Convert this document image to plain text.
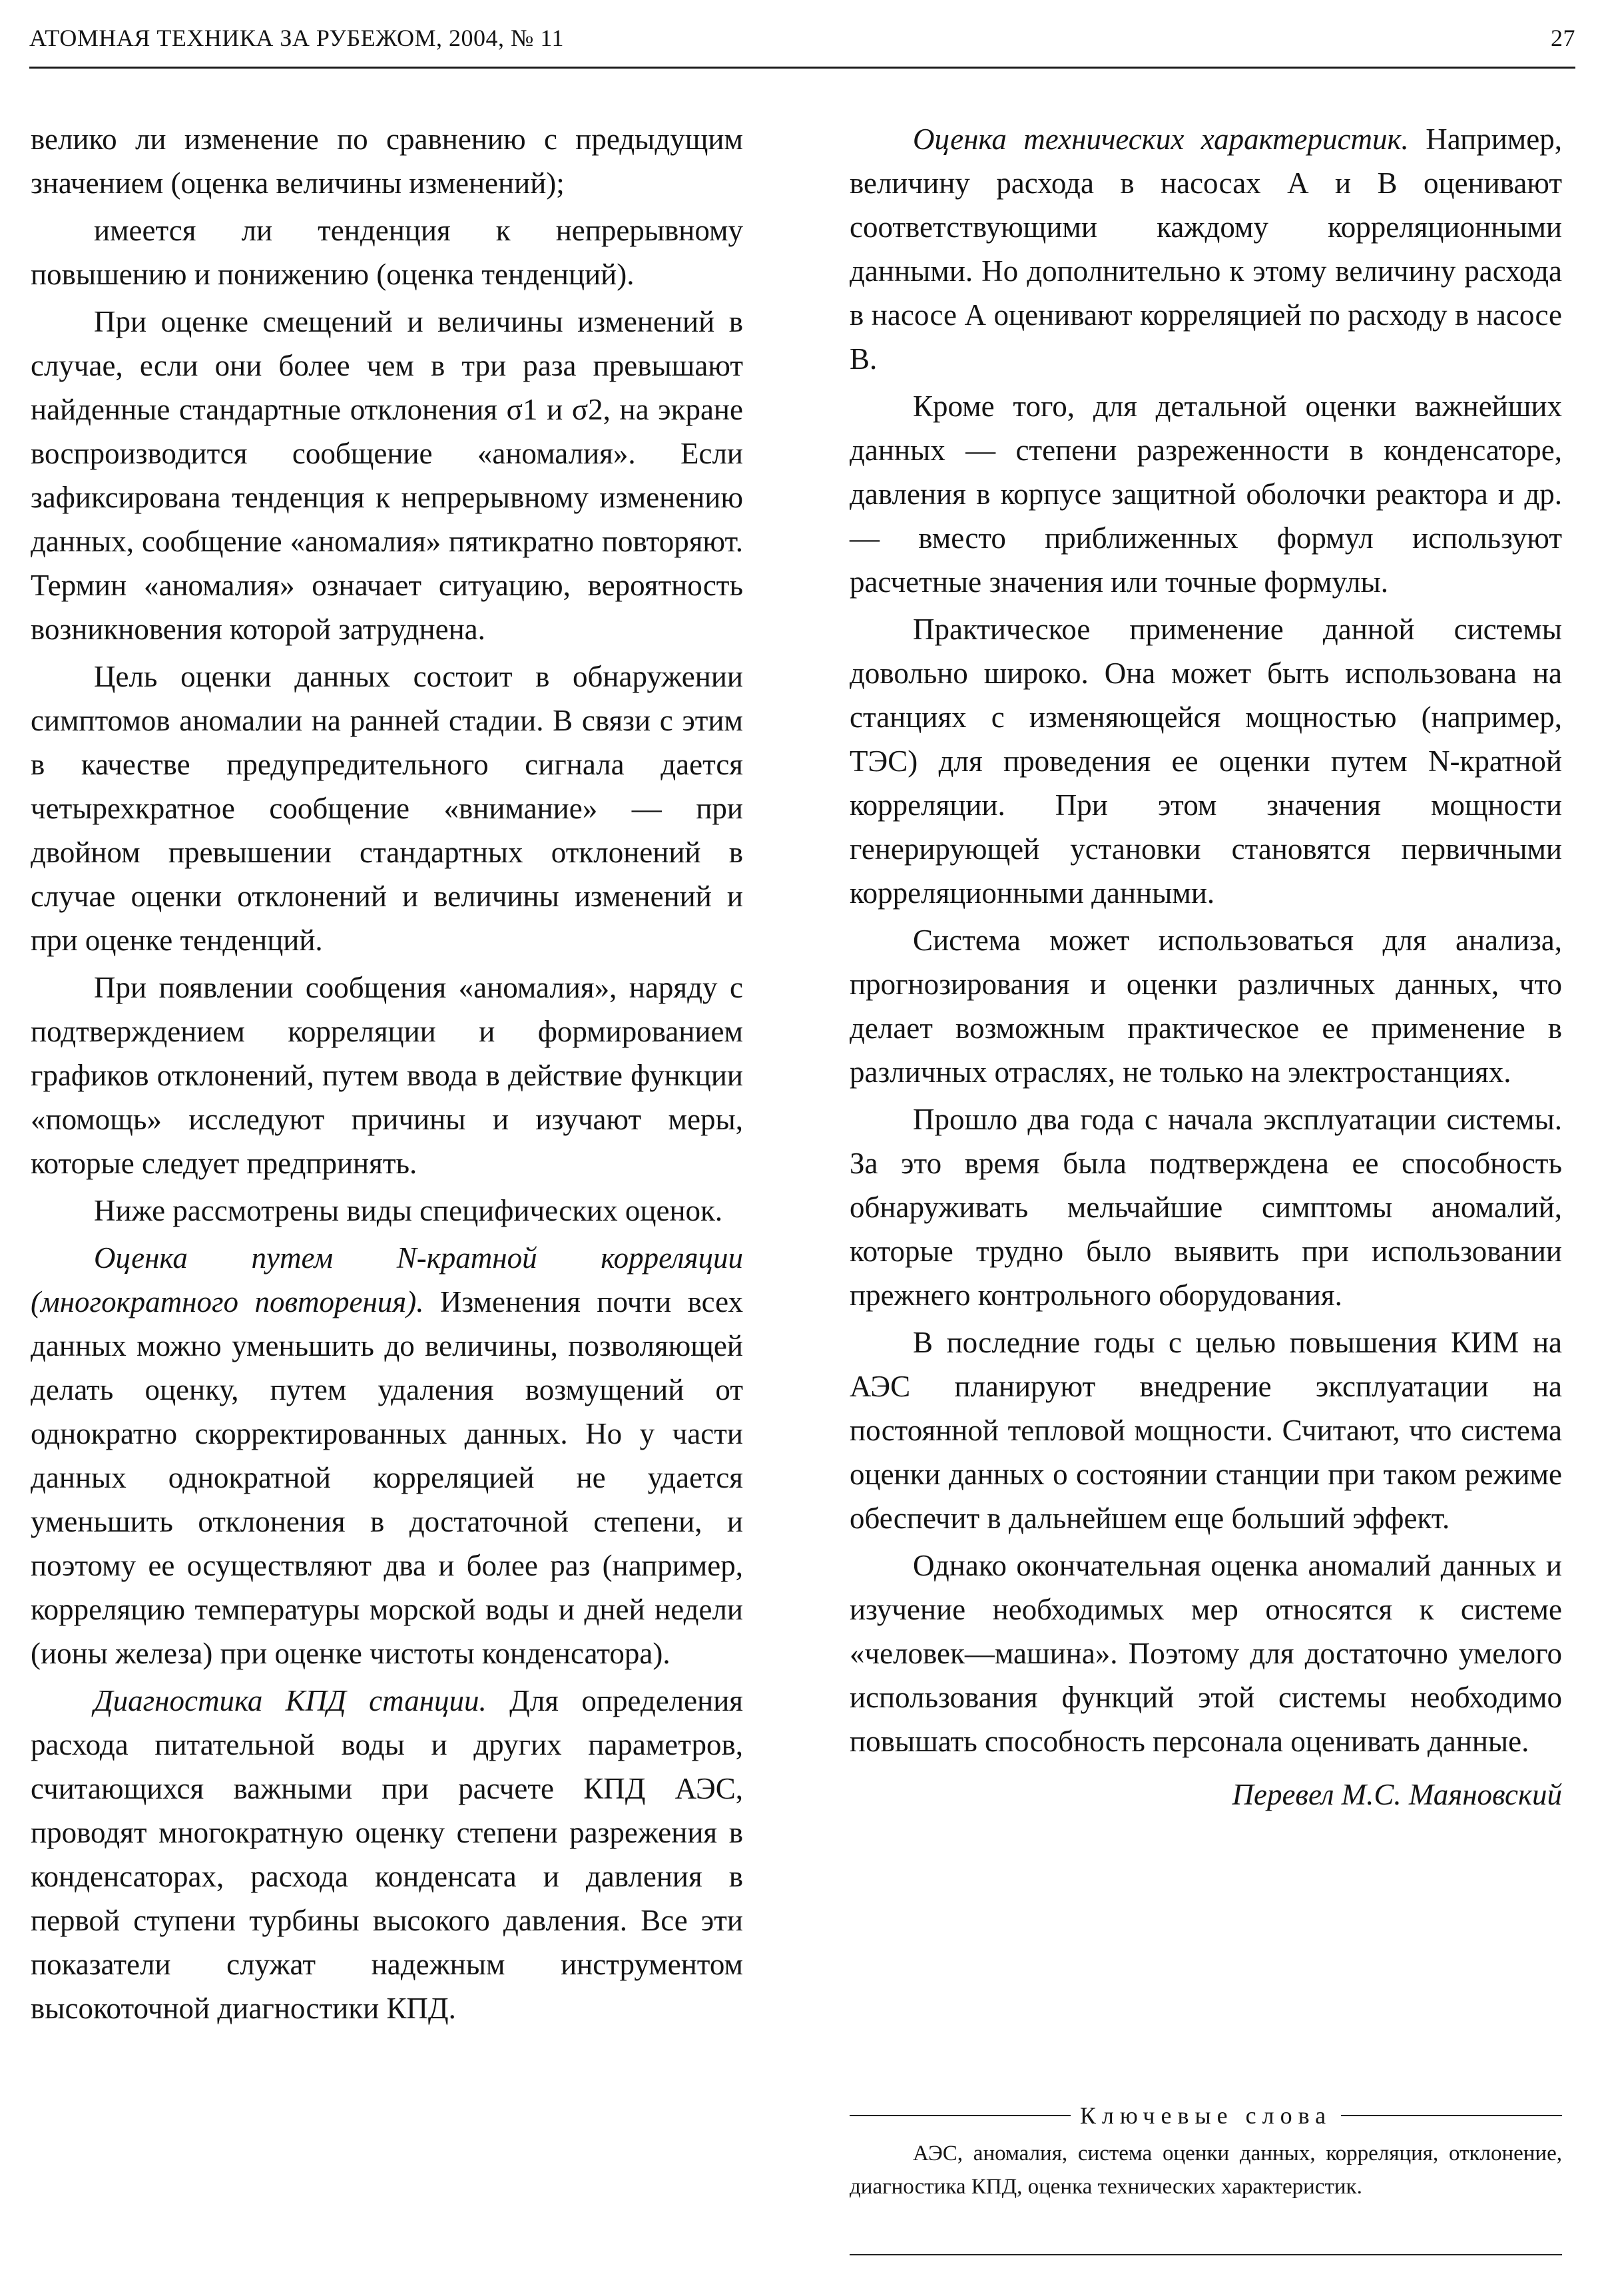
АТОМНАЯ ТЕХНИКА ЗА РУБЕЖОМ, 2004, № 11	27

велико ли изменение по сравнению с предыдущим значением (оценка величины изменений);

имеется ли тенденция к непрерывному повышению и понижению (оценка тенденций).

При оценке смещений и величины изменений в случае, если они более чем в три раза превышают найденные стандартные отклонения σ1 и σ2, на экране воспроизводится сообщение «аномалия». Если зафиксирована тенденция к непрерывному изменению данных, сообщение «аномалия» пятикратно повторяют. Термин «аномалия» означает ситуацию, вероятность возникновения которой затруднена.

Цель оценки данных состоит в обнаружении симптомов аномалии на ранней стадии. В связи с этим в качестве предупредительного сигнала дается четырехкратное сообщение «внимание» — при двойном превышении стандартных отклонений в случае оценки отклонений и величины изменений и при оценке тенденций.

При появлении сообщения «аномалия», наряду с подтверждением корреляции и формированием графиков отклонений, путем ввода в действие функции «помощь» исследуют причины и изучают меры, которые следует предпринять.

Ниже рассмотрены виды специфических оценок.

Оценка путем N-кратной корреляции (многократного повторения). Изменения почти всех данных можно уменьшить до величины, позволяющей делать оценку, путем удаления возмущений от однократно скорректированных данных. Но у части данных однократной корреляцией не удается уменьшить отклонения в достаточной степени, и поэтому ее осуществляют два и более раз (например, корреляцию температуры морской воды и дней недели (ионы железа) при оценке чистоты конденсатора).

Диагностика КПД станции. Для определения расхода питательной воды и других параметров, считающихся важными при расчете КПД АЭС, проводят многократную оценку степени разрежения в конденсаторах, расхода конденсата и давления в первой ступени турбины высокого давления. Все эти показатели служат надежным инструментом высокоточной диагностики КПД.

Оценка технических характеристик. Например, величину расхода в насосах А и В оценивают соответствующими каждому корреляционными данными. Но дополнительно к этому величину расхода в насосе А оценивают корреляцией по расходу в насосе В.

Кроме того, для детальной оценки важнейших данных — степени разреженности в конденсаторе, давления в корпусе защитной оболочки реактора и др. — вместо приближенных формул используют расчетные значения или точные формулы.

Практическое применение данной системы довольно широко. Она может быть использована на станциях с изменяющейся мощностью (например, ТЭС) для проведения ее оценки путем N-кратной корреляции. При этом значения мощности генерирующей установки становятся первичными корреляционными данными.

Система может использоваться для анализа, прогнозирования и оценки различных данных, что делает возможным практическое ее применение в различных отраслях, не только на электростанциях.

Прошло два года с начала эксплуатации системы. За это время была подтверждена ее способность обнаруживать мельчайшие симптомы аномалий, которые трудно было выявить при использовании прежнего контрольного оборудования.

В последние годы с целью повышения КИМ на АЭС планируют внедрение эксплуатации на постоянной тепловой мощности. Считают, что система оценки данных о состоянии станции при таком режиме обеспечит в дальнейшем еще больший эффект.

Однако окончательная оценка аномалий данных и изучение необходимых мер относятся к системе «человек—машина». Поэтому для достаточно умелого использования функций этой системы необходимо повышать способность персонала оценивать данные.

Перевел М.С. Маяновский
Ключевые слова
АЭС, аномалия, система оценки данных, корреляция, отклонение, диагностика КПД, оценка технических характеристик.
